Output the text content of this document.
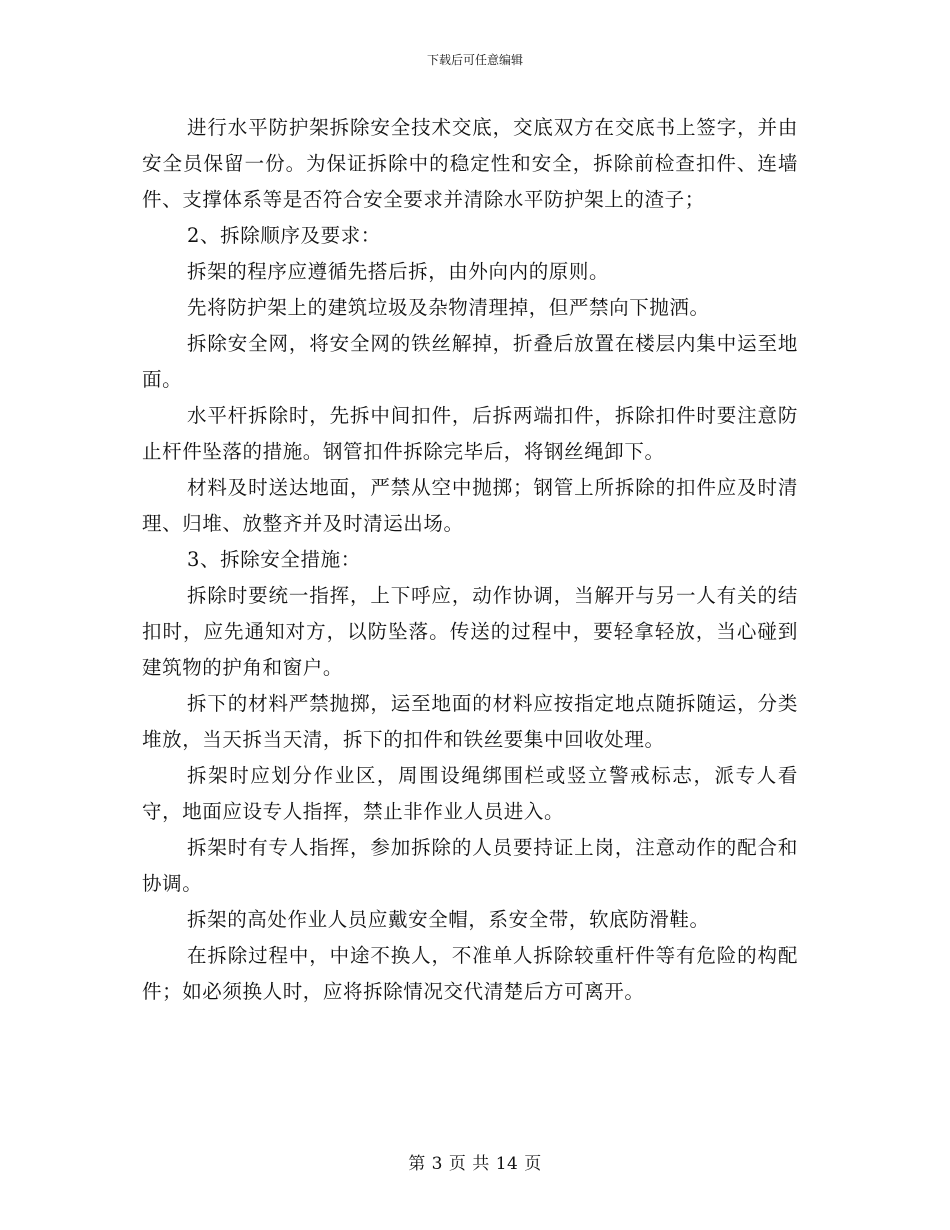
下载后可任意编辑

进行水平防护架拆除安全技术交底，交底双方在交底书上签字，并由安全员保留一份。为保证拆除中的稳定性和安全，拆除前检查扣件、连墙件、支撑体系等是否符合安全要求并清除水平防护架上的渣子；

2、拆除顺序及要求：

拆架的程序应遵循先搭后拆，由外向内的原则。

先将防护架上的建筑垃圾及杂物清理掉，但严禁向下抛洒。

拆除安全网，将安全网的铁丝解掉，折叠后放置在楼层内集中运至地面。

水平杆拆除时，先拆中间扣件，后拆两端扣件，拆除扣件时要注意防止杆件坠落的措施。钢管扣件拆除完毕后，将钢丝绳卸下。

材料及时送达地面，严禁从空中抛掷；钢管上所拆除的扣件应及时清理、归堆、放整齐并及时清运出场。

3、拆除安全措施：

拆除时要统一指挥，上下呼应，动作协调，当解开与另一人有关的结扣时，应先通知对方，以防坠落。传送的过程中，要轻拿轻放，当心碰到建筑物的护角和窗户。

拆下的材料严禁抛掷，运至地面的材料应按指定地点随拆随运，分类堆放，当天拆当天清，拆下的扣件和铁丝要集中回收处理。

拆架时应划分作业区，周围设绳绑围栏或竖立警戒标志，派专人看守，地面应设专人指挥，禁止非作业人员进入。

拆架时有专人指挥，参加拆除的人员要持证上岗，注意动作的配合和协调。

拆架的高处作业人员应戴安全帽，系安全带，软底防滑鞋。

在拆除过程中，中途不换人，不准单人拆除较重杆件等有危险的构配件；如必须换人时，应将拆除情况交代清楚后方可离开。

第 3 页 共 14 页
